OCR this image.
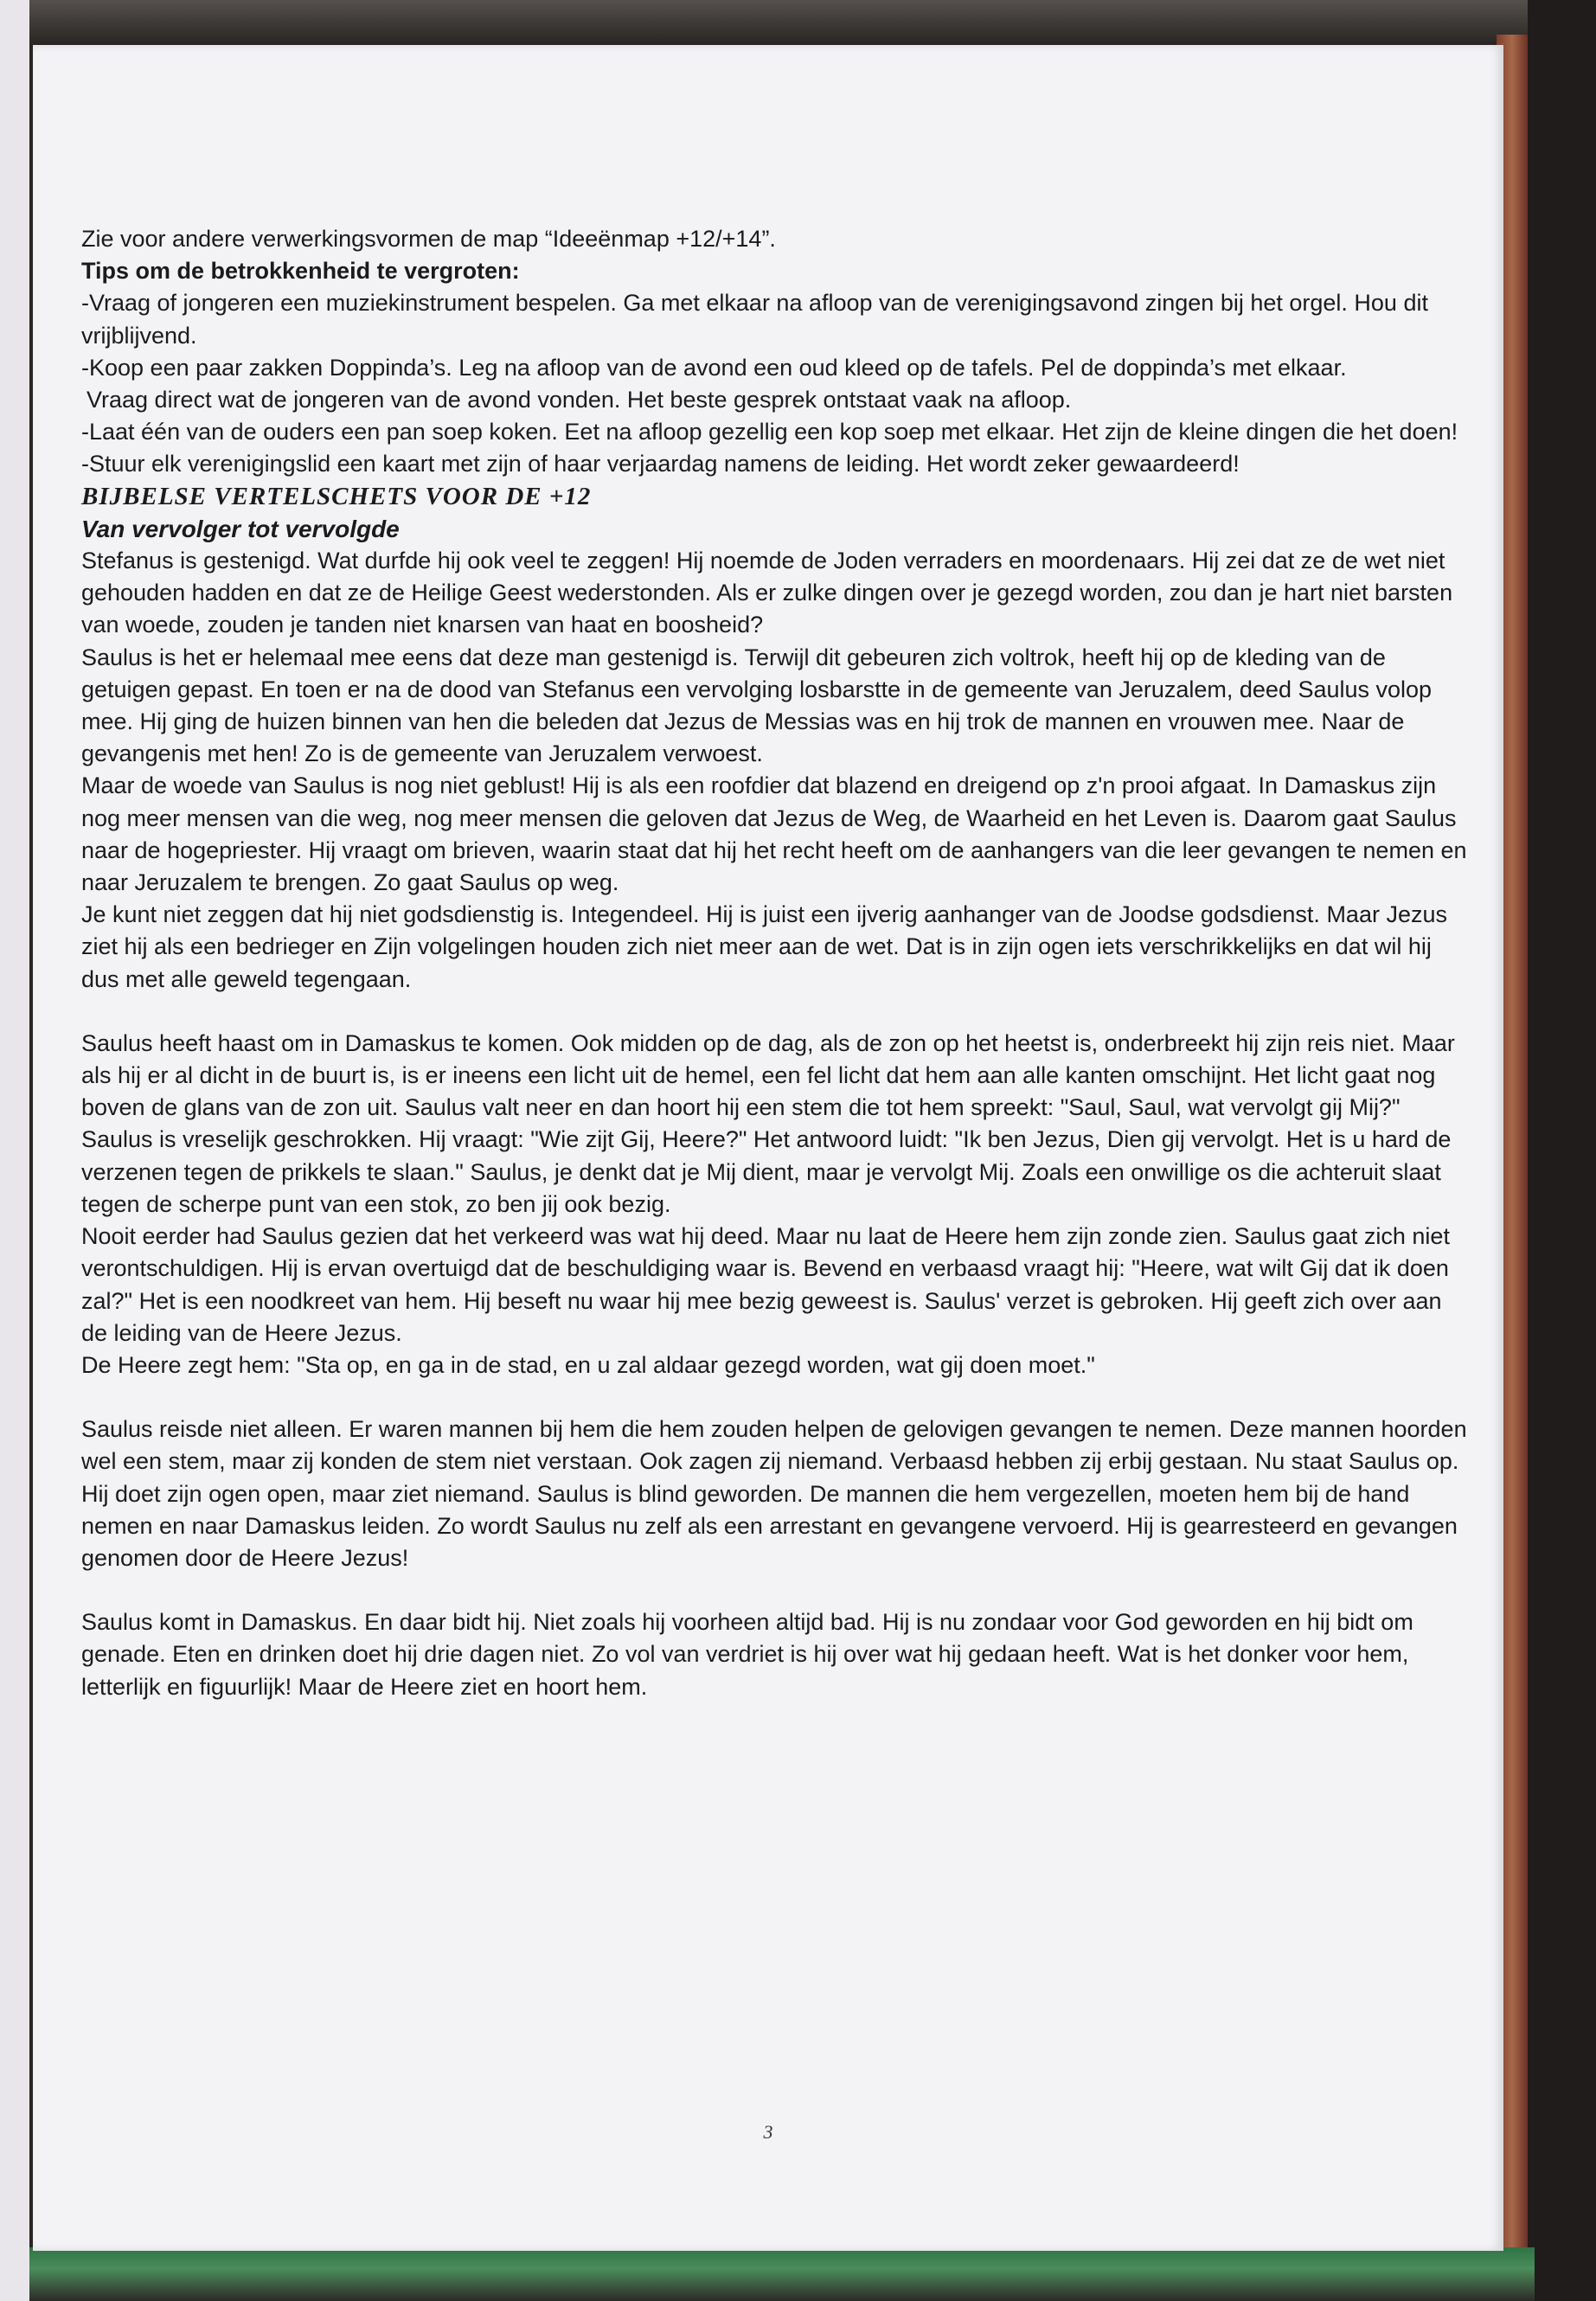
Zie voor andere verwerkingsvormen de map “Ideeënmap +12/+14”.

Tips om de betrokkenheid te vergroten:

-Vraag of jongeren een muziekinstrument bespelen. Ga met elkaar na afloop van de verenigingsavond zingen bij het orgel. Hou dit vrijblijvend.

-Koop een paar zakken Doppinda’s. Leg na afloop van de avond een oud kleed op de tafels. Pel de doppinda’s met elkaar.

Vraag direct wat de jongeren van de avond vonden. Het beste gesprek ontstaat vaak na afloop.

-Laat één van de ouders een pan soep koken. Eet na afloop gezellig een kop soep met elkaar. Het zijn de kleine dingen die het doen!

-Stuur elk verenigingslid een kaart met zijn of haar verjaardag namens de leiding. Het wordt zeker gewaardeerd!

BIJBELSE VERTELSCHETS VOOR DE +12

Van vervolger tot vervolgde

Stefanus is gestenigd. Wat durfde hij ook veel te zeggen! Hij noemde de Joden verraders en moordenaars. Hij zei dat ze de wet niet gehouden hadden en dat ze de Heilige Geest wederstonden. Als er zulke dingen over je gezegd worden, zou dan je hart niet barsten van woede, zouden je tanden niet knarsen van haat en boosheid?

Saulus is het er helemaal mee eens dat deze man gestenigd is. Terwijl dit gebeuren zich voltrok, heeft hij op de kleding van de getuigen gepast. En toen er na de dood van Stefanus een vervolging losbarstte in de gemeente van Jeruzalem, deed Saulus volop mee. Hij ging de huizen binnen van hen die beleden dat Jezus de Messias was en hij trok de mannen en vrouwen mee. Naar de gevangenis met hen! Zo is de gemeente van Jeruzalem verwoest.

Maar de woede van Saulus is nog niet geblust! Hij is als een roofdier dat blazend en dreigend op z'n prooi afgaat. In Damaskus zijn nog meer mensen van die weg, nog meer mensen die geloven dat Jezus de Weg, de Waarheid en het Leven is. Daarom gaat Saulus naar de hogepriester. Hij vraagt om brieven, waarin staat dat hij het recht heeft om de aanhangers van die leer gevangen te nemen en naar Jeruzalem te brengen. Zo gaat Saulus op weg.

Je kunt niet zeggen dat hij niet godsdienstig is. Integendeel. Hij is juist een ijverig aanhanger van de Joodse godsdienst. Maar Jezus ziet hij als een bedrieger en Zijn volgelingen houden zich niet meer aan de wet. Dat is in zijn ogen iets verschrikkelijks en dat wil hij dus met alle geweld tegengaan.

Saulus heeft haast om in Damaskus te komen. Ook midden op de dag, als de zon op het heetst is, onderbreekt hij zijn reis niet. Maar als hij er al dicht in de buurt is, is er ineens een licht uit de hemel, een fel licht dat hem aan alle kanten omschijnt. Het licht gaat nog boven de glans van de zon uit. Saulus valt neer en dan hoort hij een stem die tot hem spreekt: "Saul, Saul, wat vervolgt gij Mij?" Saulus is vreselijk geschrokken. Hij vraagt: "Wie zijt Gij, Heere?" Het antwoord luidt: "Ik ben Jezus, Dien gij vervolgt. Het is u hard de verzenen tegen de prikkels te slaan." Saulus, je denkt dat je Mij dient, maar je vervolgt Mij. Zoals een onwillige os die achteruit slaat tegen de scherpe punt van een stok, zo ben jij ook bezig.

Nooit eerder had Saulus gezien dat het verkeerd was wat hij deed. Maar nu laat de Heere hem zijn zonde zien. Saulus gaat zich niet verontschuldigen. Hij is ervan overtuigd dat de beschuldiging waar is. Bevend en verbaasd vraagt hij: "Heere, wat wilt Gij dat ik doen zal?" Het is een noodkreet van hem. Hij beseft nu waar hij mee bezig geweest is. Saulus' verzet is gebroken. Hij geeft zich over aan de leiding van de Heere Jezus.

De Heere zegt hem: "Sta op, en ga in de stad, en u zal aldaar gezegd worden, wat gij doen moet."

Saulus reisde niet alleen. Er waren mannen bij hem die hem zouden helpen de gelovigen gevangen te nemen. Deze mannen hoorden wel een stem, maar zij konden de stem niet verstaan. Ook zagen zij niemand. Verbaasd hebben zij erbij gestaan. Nu staat Saulus op. Hij doet zijn ogen open, maar ziet niemand. Saulus is blind geworden. De mannen die hem vergezellen, moeten hem bij de hand nemen en naar Damaskus leiden. Zo wordt Saulus nu zelf als een arrestant en gevangene vervoerd. Hij is gearresteerd en gevangen genomen door de Heere Jezus!

Saulus komt in Damaskus. En daar bidt hij. Niet zoals hij voorheen altijd bad. Hij is nu zondaar voor God geworden en hij bidt om genade. Eten en drinken doet hij drie dagen niet. Zo vol van verdriet is hij over wat hij gedaan heeft. Wat is het donker voor hem, letterlijk en figuurlijk! Maar de Heere ziet en hoort hem.

3
